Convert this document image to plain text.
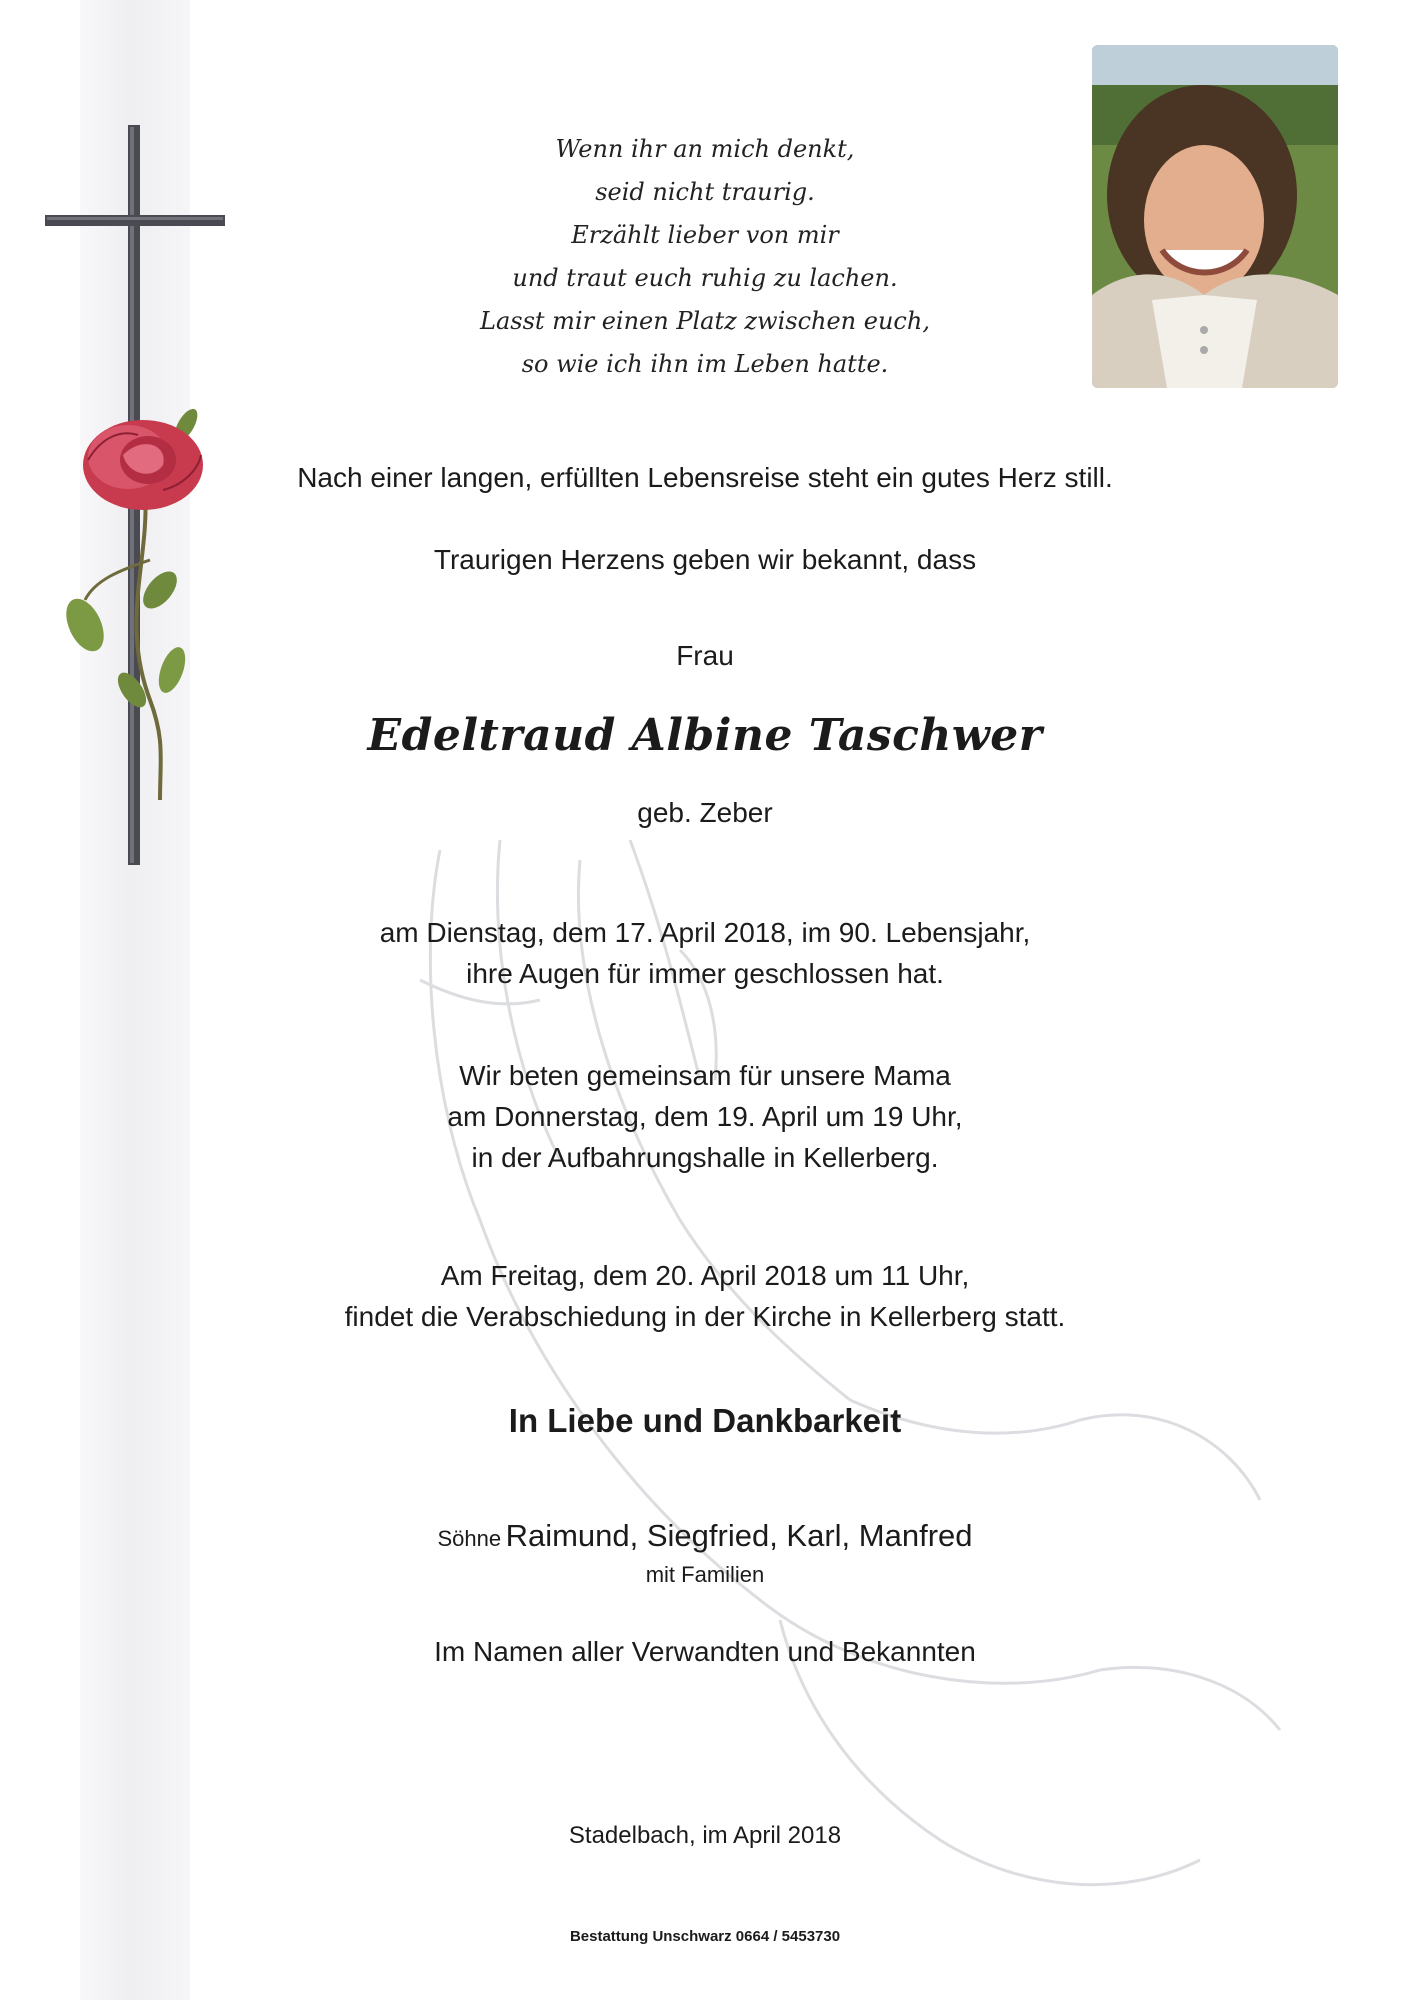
Wenn ihr an mich denkt,
seid nicht traurig.
Erzählt lieber von mir
und traut euch ruhig zu lachen.
Lasst mir einen Platz zwischen euch,
so wie ich ihn im Leben hatte.
Nach einer langen, erfüllten Lebensreise steht ein gutes Herz still.
Traurigen Herzens geben wir bekannt, dass
Frau
Edeltraud Albine Taschwer
geb. Zeber
am Dienstag, dem 17. April 2018, im 90. Lebensjahr,
ihre Augen für immer geschlossen hat.
Wir beten gemeinsam für unsere Mama
am Donnerstag, dem 19. April um 19 Uhr,
in der Aufbahrungshalle in Kellerberg.
Am Freitag, dem 20. April 2018 um 11 Uhr,
findet die Verabschiedung in der Kirche in Kellerberg statt.
In Liebe und Dankbarkeit
Söhne Raimund, Siegfried, Karl, Manfred
mit Familien
Im Namen aller Verwandten und Bekannten
Stadelbach, im April 2018
Bestattung Unschwarz 0664 / 5453730
